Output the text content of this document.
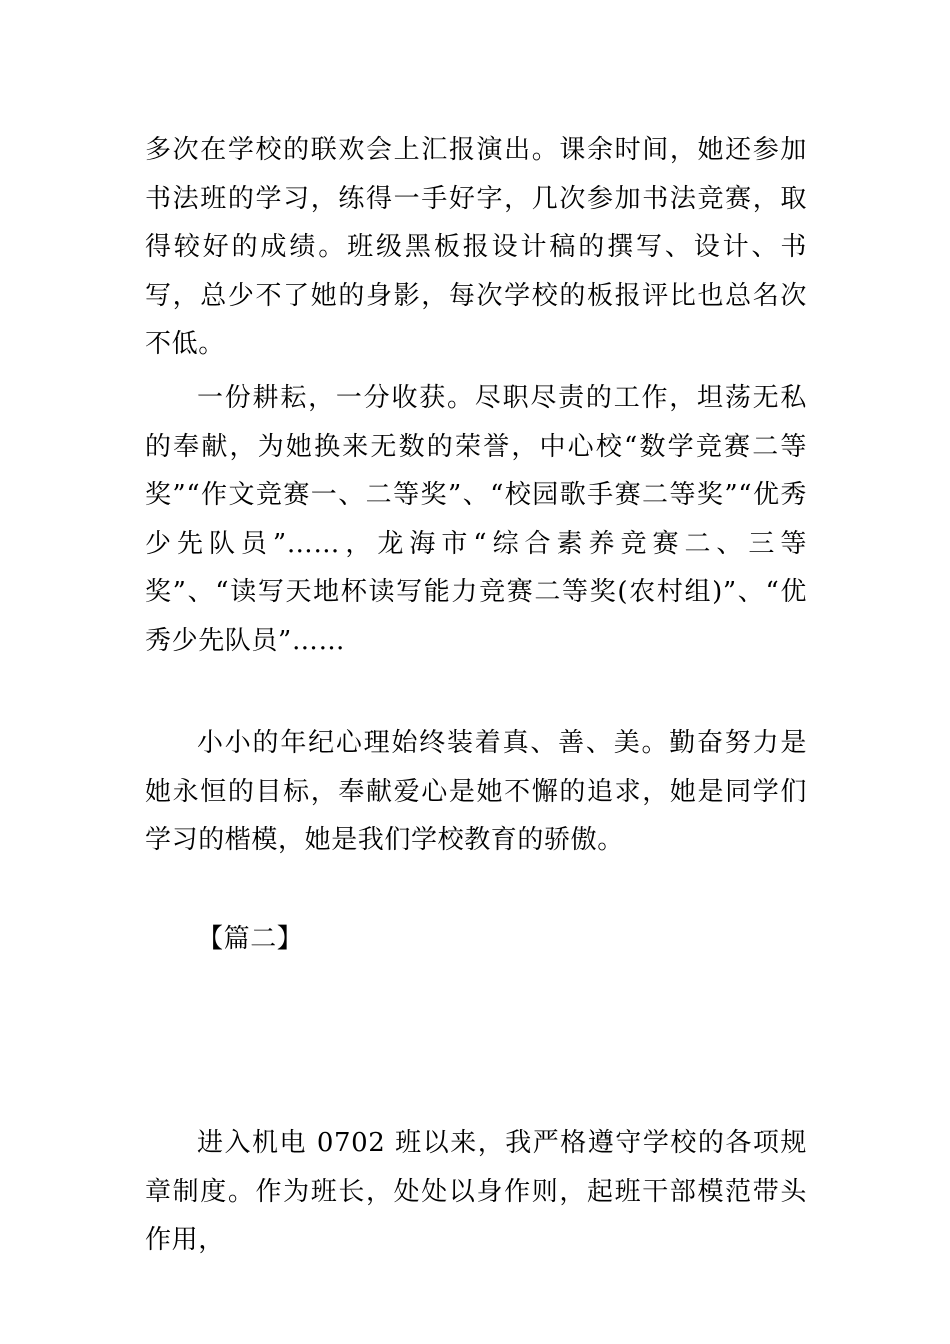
多次在学校的联欢会上汇报演出。课余时间，她还参加书法班的学习，练得一手好字，几次参加书法竞赛，取得较好的成绩。班级黑板报设计稿的撰写、设计、书写，总少不了她的身影，每次学校的板报评比也总名次不低。

一份耕耘，一分收获。尽职尽责的工作，坦荡无私的奉献，为她换来无数的荣誉，中心校“数学竞赛二等奖”“作文竞赛一、二等奖”、“校园歌手赛二等奖”“优秀少先队员”……，龙海市“综合素养竞赛二、三等奖”、“读写天地杯读写能力竞赛二等奖(农村组)”、“优秀少先队员”……

小小的年纪心理始终装着真、善、美。勤奋努力是她永恒的目标，奉献爱心是她不懈的追求，她是同学们学习的楷模，她是我们学校教育的骄傲。

【篇二】

进入机电 0702 班以来，我严格遵守学校的各项规章制度。作为班长，处处以身作则，起班干部模范带头作用，
